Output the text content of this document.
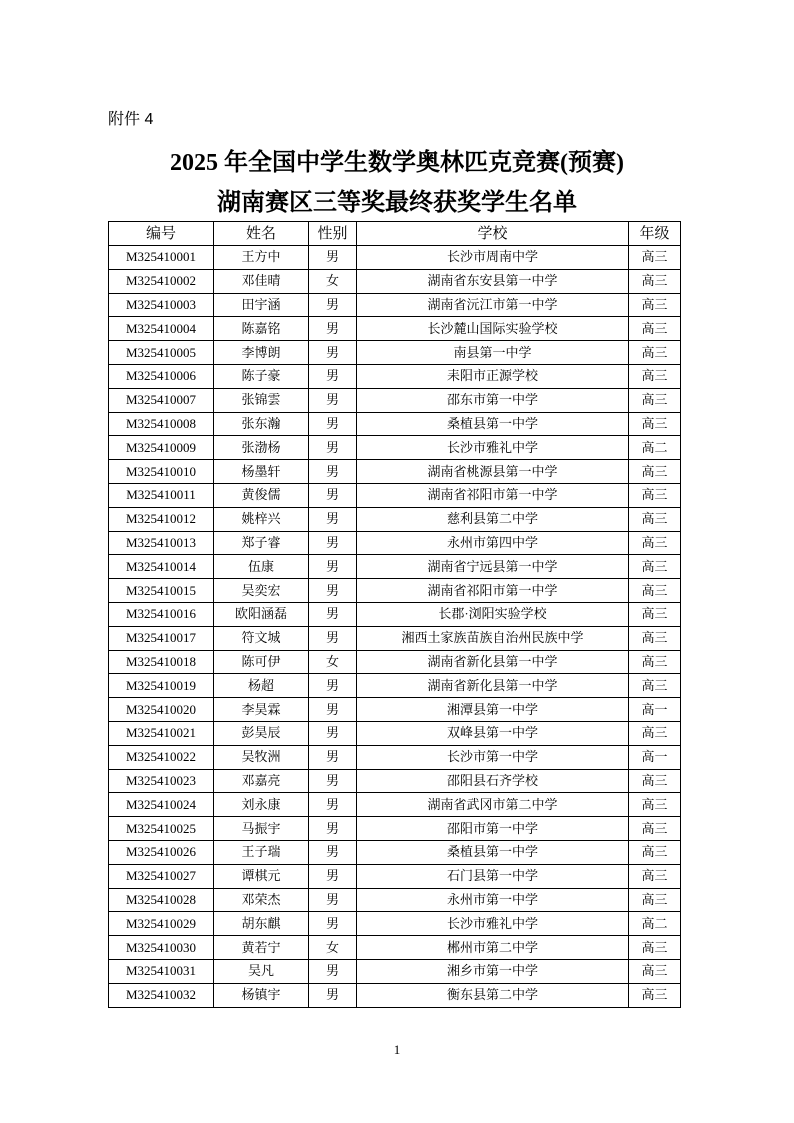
附件 4
2025 年全国中学生数学奥林匹克竞赛(预赛)
湖南赛区三等奖最终获奖学生名单
编号	姓名	性别	学校	年级
M325410001	王方中	男	长沙市周南中学	高三
M325410002	邓佳晴	女	湖南省东安县第一中学	高三
M325410003	田宇涵	男	湖南省沅江市第一中学	高三
M325410004	陈嘉铭	男	长沙麓山国际实验学校	高三
M325410005	李博朗	男	南县第一中学	高三
M325410006	陈子豪	男	耒阳市正源学校	高三
M325410007	张锦雲	男	邵东市第一中学	高三
M325410008	张东瀚	男	桑植县第一中学	高三
M325410009	张渤杨	男	长沙市雅礼中学	高二
M325410010	杨墨轩	男	湖南省桃源县第一中学	高三
M325410011	黄俊儒	男	湖南省祁阳市第一中学	高三
M325410012	姚梓兴	男	慈利县第二中学	高三
M325410013	郑子睿	男	永州市第四中学	高三
M325410014	伍康	男	湖南省宁远县第一中学	高三
M325410015	吴奕宏	男	湖南省祁阳市第一中学	高三
M325410016	欧阳涵磊	男	长郡·浏阳实验学校	高三
M325410017	符文城	男	湘西土家族苗族自治州民族中学	高三
M325410018	陈可伊	女	湖南省新化县第一中学	高三
M325410019	杨超	男	湖南省新化县第一中学	高三
M325410020	李昊霖	男	湘潭县第一中学	高一
M325410021	彭昊辰	男	双峰县第一中学	高三
M325410022	吴牧洲	男	长沙市第一中学	高一
M325410023	邓嘉亮	男	邵阳县石齐学校	高三
M325410024	刘永康	男	湖南省武冈市第二中学	高三
M325410025	马振宇	男	邵阳市第一中学	高三
M325410026	王子瑞	男	桑植县第一中学	高三
M325410027	谭棋元	男	石门县第一中学	高三
M325410028	邓荣杰	男	永州市第一中学	高三
M325410029	胡东麒	男	长沙市雅礼中学	高二
M325410030	黄若宁	女	郴州市第二中学	高三
M325410031	吴凡	男	湘乡市第一中学	高三
M325410032	杨镇宇	男	衡东县第二中学	高三
1
